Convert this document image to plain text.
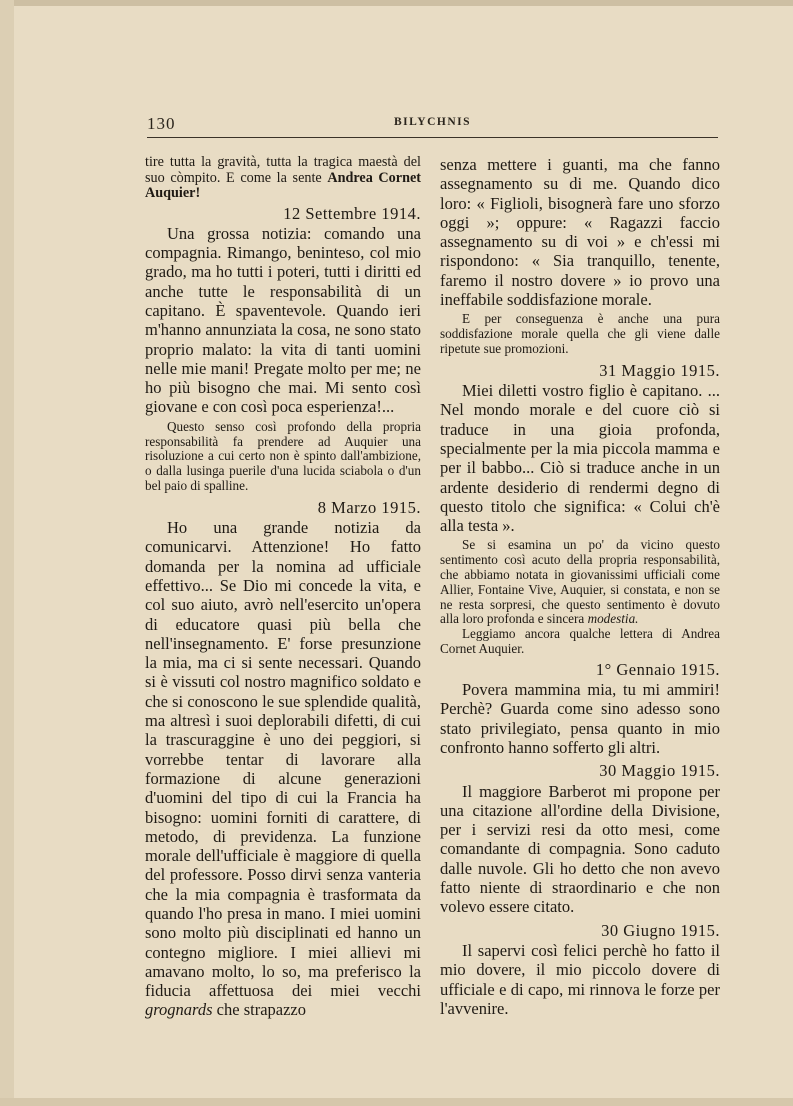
130	BILYCHNIS

tire tutta la gravità, tutta la tragica maestà del suo còmpito. E come la sente Andrea Cornet Auquier!

12 Settembre 1914.

Una grossa notizia: comando una compagnia. Rimango, beninteso, col mio grado, ma ho tutti i poteri, tutti i diritti ed anche tutte le responsabilità di un capitano. È spaventevole. Quando ieri m'hanno annunziata la cosa, ne sono stato proprio malato: la vita di tanti uomini nelle mie mani! Pregate molto per me; ne ho più bisogno che mai. Mi sento così giovane e con così poca esperienza!...

Questo senso così profondo della propria responsabilità fa prendere ad Auquier una risoluzione a cui certo non è spinto dall'ambizione, o dalla lusinga puerile d'una lucida sciabola o d'un bel paio di spalline.

8 Marzo 1915.

Ho una grande notizia da comunicarvi. Attenzione! Ho fatto domanda per la nomina ad ufficiale effettivo... Se Dio mi concede la vita, e col suo aiuto, avrò nell'esercito un'opera di educatore quasi più bella che nell'insegnamento. E' forse presunzione la mia, ma ci si sente necessari. Quando si è vissuti col nostro magnifico soldato e che si conoscono le sue splendide qualità, ma altresì i suoi deplorabili difetti, di cui la trascuraggine è uno dei peggiori, si vorrebbe tentar di lavorare alla formazione di alcune generazioni d'uomini del tipo di cui la Francia ha bisogno: uomini forniti di carattere, di metodo, di previdenza. La funzione morale dell'ufficiale è maggiore di quella del professore. Posso dirvi senza vanteria che la mia compagnia è trasformata da quando l'ho presa in mano. I miei uomini sono molto più disciplinati ed hanno un contegno migliore. I miei allievi mi amavano molto, lo so, ma preferisco la fiducia affettuosa dei miei vecchi grognards che strapazzo

senza mettere i guanti, ma che fanno assegnamento su di me. Quando dico loro: « Figlioli, bisognerà fare uno sforzo oggi »; oppure: « Ragazzi faccio assegnamento su di voi » e ch'essi mi rispondono: « Sia tranquillo, tenente, faremo il nostro dovere » io provo una ineffabile soddisfazione morale.

E per conseguenza è anche una pura soddisfazione morale quella che gli viene dalle ripetute sue promozioni.

31 Maggio 1915.

Miei diletti vostro figlio è capitano. ... Nel mondo morale e del cuore ciò si traduce in una gioia profonda, specialmente per la mia piccola mamma e per il babbo... Ciò si traduce anche in un ardente desiderio di rendermi degno di questo titolo che significa: « Colui ch'è alla testa ».

Se si esamina un po' da vicino questo sentimento così acuto della propria responsabilità, che abbiamo notata in giovanissimi ufficiali come Allier, Fontaine Vive, Auquier, si constata, e non se ne resta sorpresi, che questo sentimento è dovuto alla loro profonda e sincera modestia.

Leggiamo ancora qualche lettera di Andrea Cornet Auquier.

1° Gennaio 1915.

Povera mammina mia, tu mi ammiri! Perchè? Guarda come sino adesso sono stato privilegiato, pensa quanto in mio confronto hanno sofferto gli altri.

30 Maggio 1915.

Il maggiore Barberot mi propone per una citazione all'ordine della Divisione, per i servizi resi da otto mesi, come comandante di compagnia. Sono caduto dalle nuvole. Gli ho detto che non avevo fatto niente di straordinario e che non volevo essere citato.

30 Giugno 1915.

Il sapervi così felici perchè ho fatto il mio dovere, il mio piccolo dovere di ufficiale e di capo, mi rinnova le forze per l'avvenire.
